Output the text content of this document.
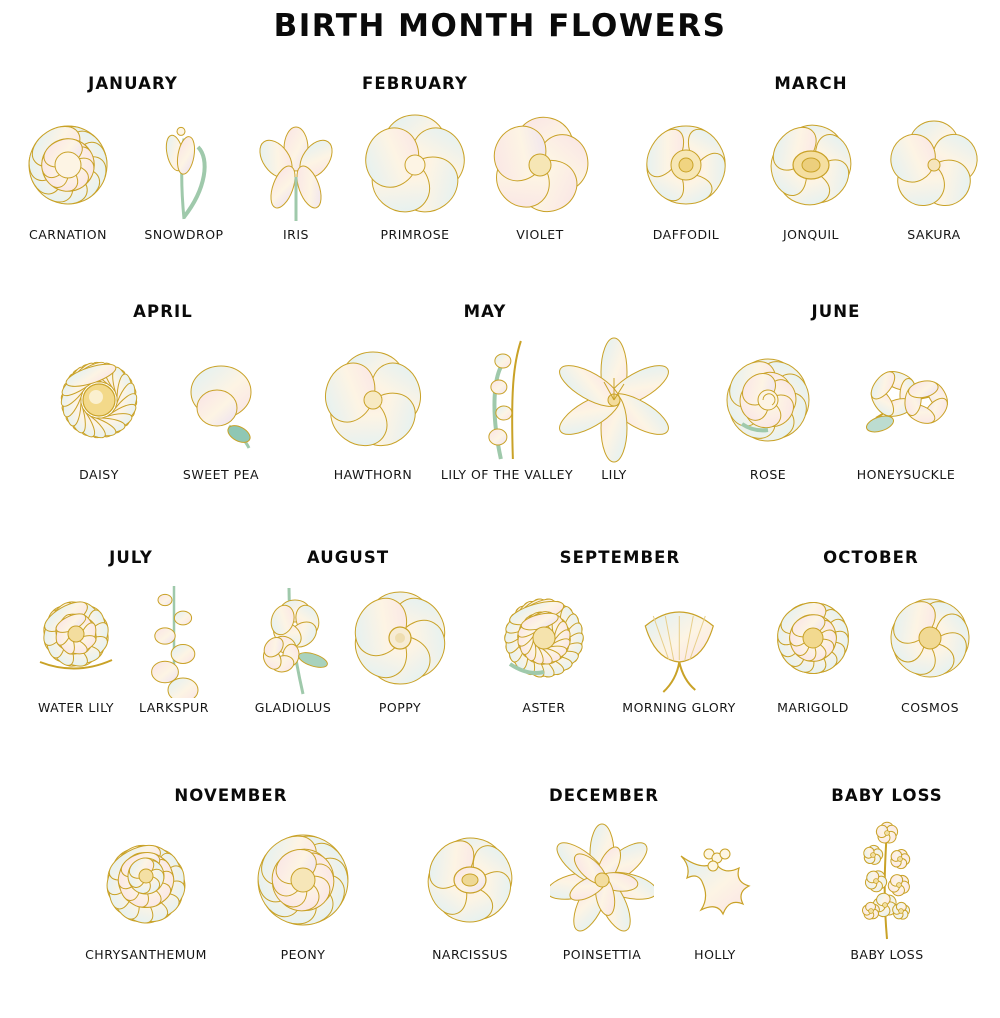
BIRTH MONTH FLOWERS
JANUARY	FEBRUARY	MARCH
CARNATION	SNOWDROP	IRIS	PRIMROSE	VIOLET	DAFFODIL	JONQUIL	SAKURA
APRIL	MAY	JUNE
DAISY	SWEET PEA	HAWTHORN	LILY OF THE VALLEY	LILY	ROSE	HONEYSUCKLE
JULY	AUGUST	SEPTEMBER	OCTOBER
WATER LILY	LARKSPUR	GLADIOLUS	POPPY	ASTER	MORNING GLORY	MARIGOLD	COSMOS
NOVEMBER	DECEMBER	BABY LOSS
CHRYSANTHEMUM	PEONY	NARCISSUS	POINSETTIA	HOLLY	BABY LOSS
